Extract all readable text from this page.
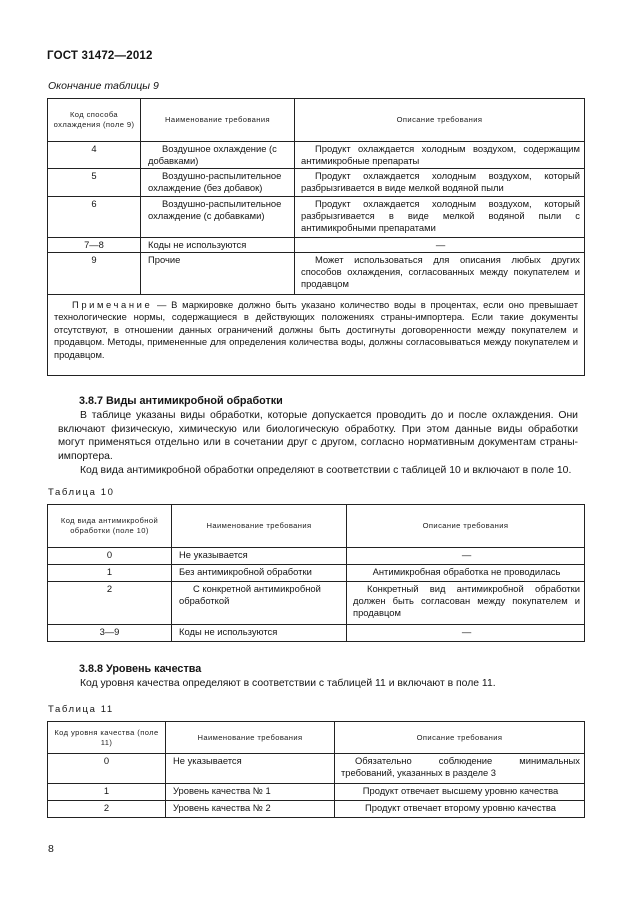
ГОСТ 31472—2012
Окончание таблицы 9
Код способа охлаждения (поле 9)	Наименование требования	Описание требования
4	Воздушное охлаждение (с добавками)	Продукт охлаждается холодным воздухом, содержащим антимикробные препараты
5	Воздушно-распылительное охлаждение (без добавок)	Продукт охлаждается холодным воздухом, который разбрызгивается в виде мелкой водяной пыли
6	Воздушно-распылительное охлаждение (с добавками)	Продукт охлаждается холодным воздухом, который разбрызгивается в виде мелкой водяной пыли с антимикробными препаратами
7—8	Коды не используются	—
9	Прочие	Может использоваться для описания любых других способов охлаждения, согласованных между покупателем и продавцом
Примечание — В маркировке должно быть указано количество воды в процентах, если оно превышает технологические нормы, содержащиеся в действующих положениях страны-импортера. Если такие документы отсутствуют, в отношении данных ограничений должны быть достигнуты договоренности между покупателем и продавцом. Методы, примененные для определения количества воды, должны согласовываться между покупателем и продавцом.		
3.8.7 Виды антимикробной обработки

В таблице указаны виды обработки, которые допускается проводить до и после охлаждения. Они включают физическую, химическую или биологическую обработку. При этом данные виды обработки могут применяться отдельно или в сочетании друг с другом, согласно нормативным документам страны-импортера.

Код вида антимикробной обработки определяют в соответствии с таблицей 10 и включают в поле 10.

Таблица 10
Код вида антимикробной обработки (поле 10)	Наименование требования	Описание требования
0	Не указывается	—
1	Без антимикробной обработки	Антимикробная обработка не проводилась
2	С конкретной антимикробной обработкой	Конкретный вид антимикробной обработки должен быть согласован между покупателем и продавцом
3—9	Коды не используются	—
3.8.8 Уровень качества

Код уровня качества определяют в соответствии с таблицей 11 и включают в поле 11.

Таблица 11
Код уровня качества (поле 11)	Наименование требования	Описание требования
0	Не указывается	Обязательно соблюдение минимальных требований, указанных в разделе 3
1	Уровень качества № 1	Продукт отвечает высшему уровню качества
2	Уровень качества № 2	Продукт отвечает второму уровню качества
8
